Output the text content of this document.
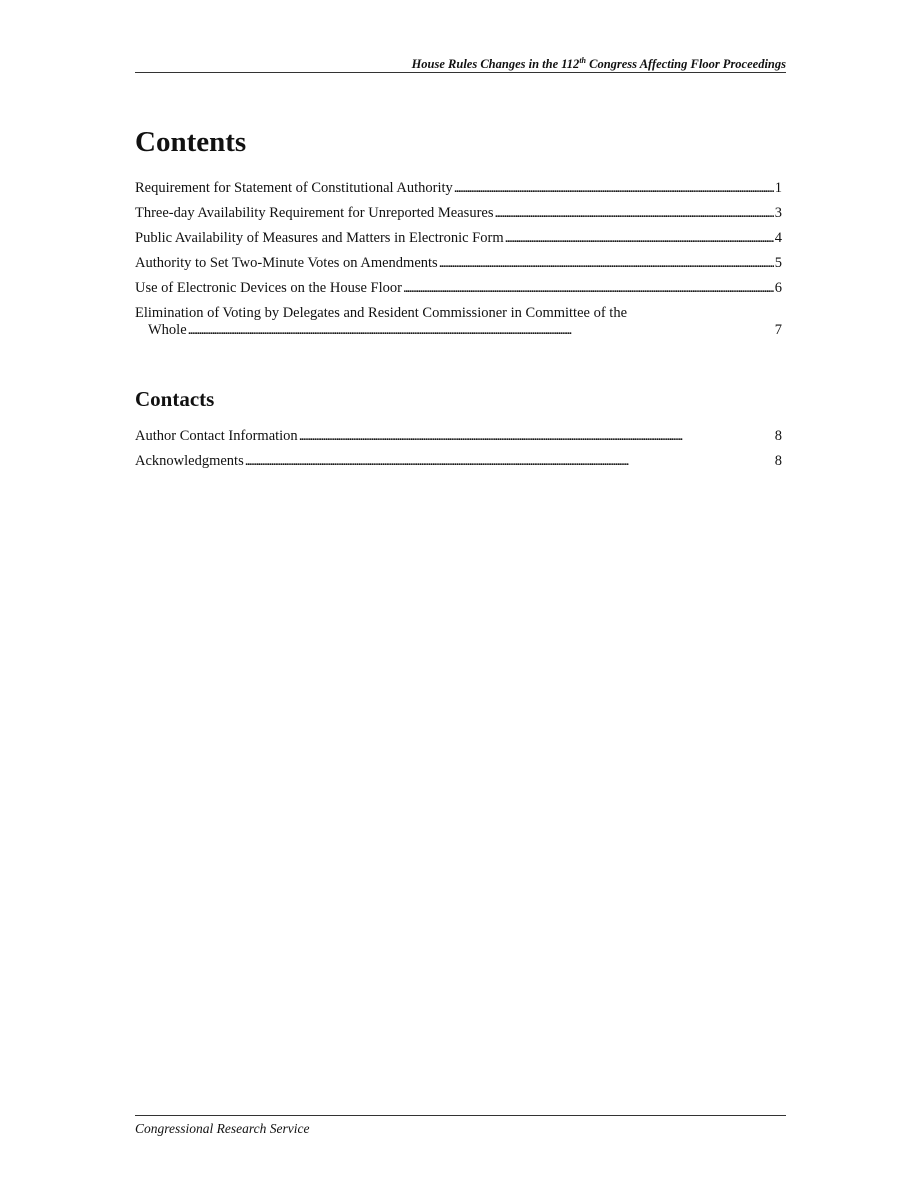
House Rules Changes in the 112th Congress Affecting Floor Proceedings
Contents
Requirement for Statement of Constitutional Authority . . .	1
Three-day Availability Requirement for Unreported Measures . . .	3
Public Availability of Measures and Matters in Electronic Form . . .	4
Authority to Set Two-Minute Votes on Amendments . . .	5
Use of Electronic Devices on the House Floor . . .	6
Elimination of Voting by Delegates and Resident Commissioner in Committee of the
Whole . . .	7
Contacts
Author Contact Information . . .	8
Acknowledgments . . .	8
Congressional Research Service
